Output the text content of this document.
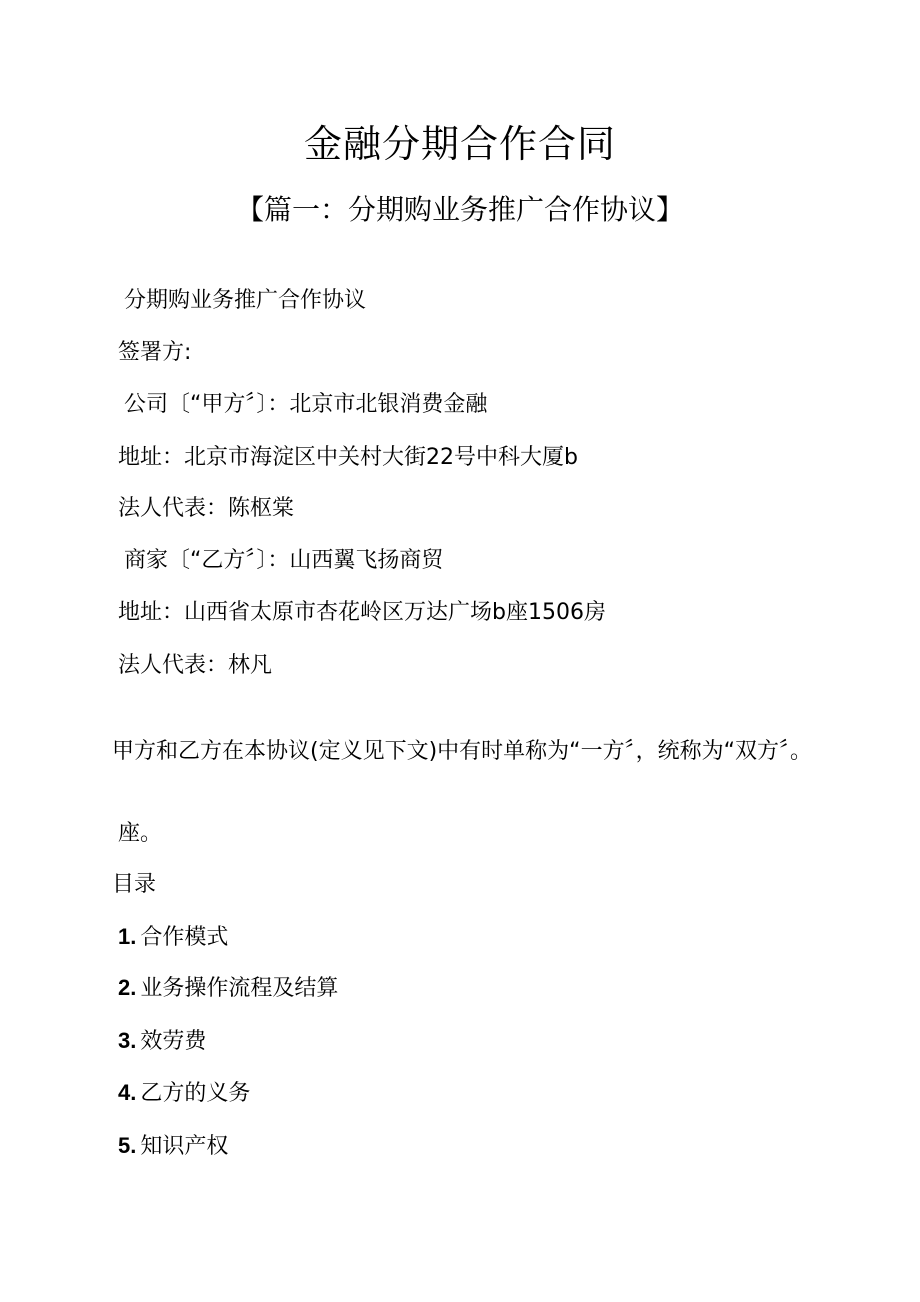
金融分期合作合同
【篇一：分期购业务推广合作协议】
分期购业务推广合作协议
签署方:
公司〔“甲方〞〕：北京市北银消费金融
地址：北京市海淀区中关村大街22号中科大厦b
法人代表：陈枢棠
商家〔“乙方〞〕：山西翼飞扬商贸
地址：山西省太原市杏花岭区万达广场b座1506房
法人代表：林凡
甲方和乙方在本协议(定义见下文)中有时单称为“一方〞，统称为“双方〞。
座。
目录
1. 合作模式
2. 业务操作流程及结算
3. 效劳费
4. 乙方的义务
5. 知识产权
